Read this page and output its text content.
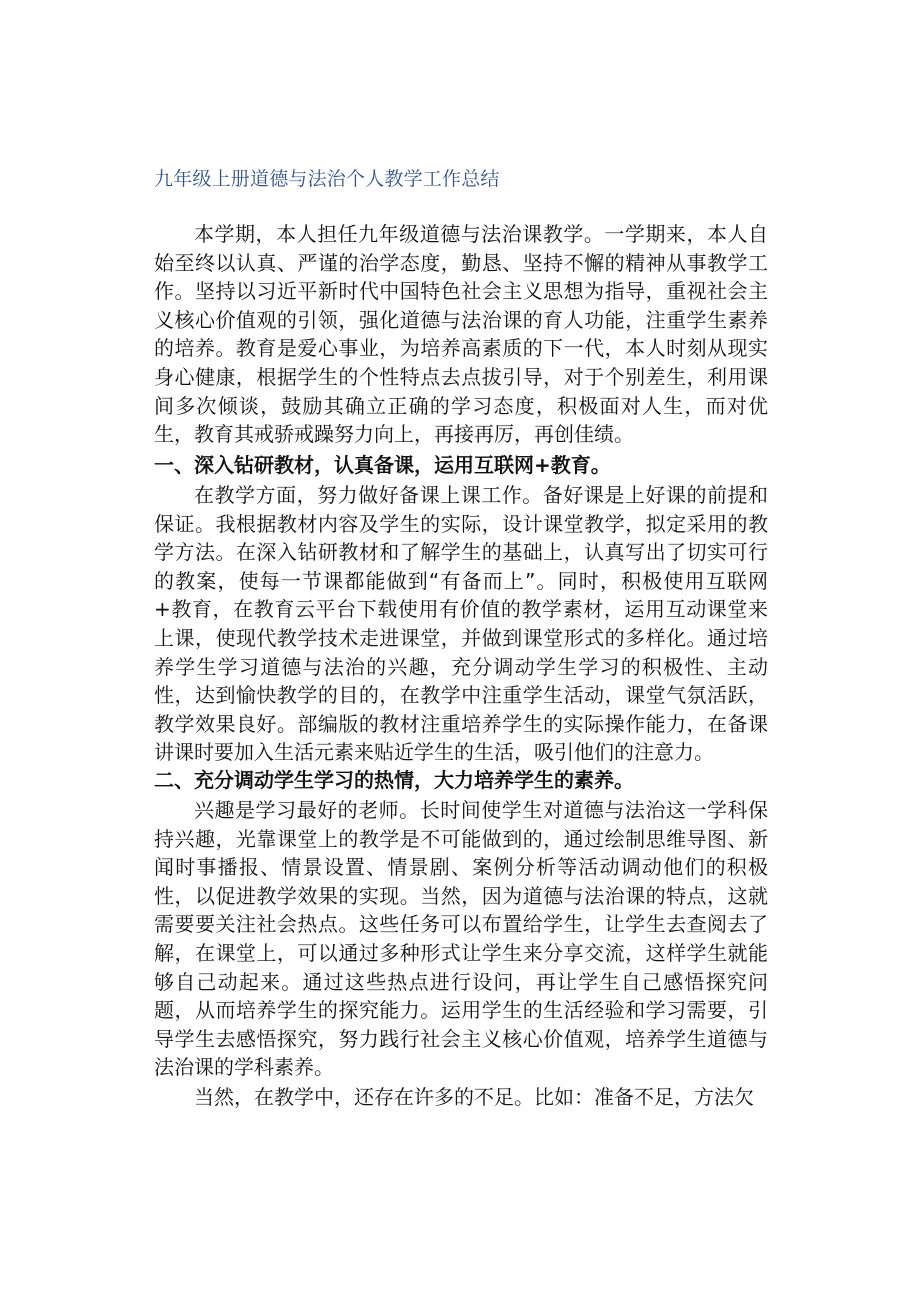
九年级上册道德与法治个人教学工作总结

本学期，本人担任九年级道德与法治课教学。一学期来，本人自始至终以认真、严谨的治学态度，勤恳、坚持不懈的精神从事教学工作。坚持以习近平新时代中国特色社会主义思想为指导，重视社会主义核心价值观的引领，强化道德与法治课的育人功能，注重学生素养的培养。教育是爱心事业，为培养高素质的下一代，本人时刻从现实身心健康，根据学生的个性特点去点拔引导，对于个别差生，利用课间多次倾谈，鼓励其确立正确的学习态度，积极面对人生，而对优生，教育其戒骄戒躁努力向上，再接再厉，再创佳绩。

一、深入钻研教材，认真备课，运用互联网+教育。

在教学方面，努力做好备课上课工作。备好课是上好课的前提和保证。我根据教材内容及学生的实际，设计课堂教学，拟定采用的教学方法。在深入钻研教材和了解学生的基础上，认真写出了切实可行的教案，使每一节课都能做到“有备而上”。同时，积极使用互联网+教育，在教育云平台下载使用有价值的教学素材，运用互动课堂来上课，使现代教学技术走进课堂，并做到课堂形式的多样化。通过培养学生学习道德与法治的兴趣，充分调动学生学习的积极性、主动性，达到愉快教学的目的，在教学中注重学生活动，课堂气氛活跃，教学效果良好。部编版的教材注重培养学生的实际操作能力，在备课讲课时要加入生活元素来贴近学生的生活，吸引他们的注意力。

二、充分调动学生学习的热情，大力培养学生的素养。

兴趣是学习最好的老师。长时间使学生对道德与法治这一学科保持兴趣，光靠课堂上的教学是不可能做到的，通过绘制思维导图、新闻时事播报、情景设置、情景剧、案例分析等活动调动他们的积极性，以促进教学效果的实现。当然，因为道德与法治课的特点，这就需要要关注社会热点。这些任务可以布置给学生，让学生去查阅去了解，在课堂上，可以通过多种形式让学生来分享交流，这样学生就能够自己动起来。通过这些热点进行设问，再让学生自己感悟探究问题，从而培养学生的探究能力。运用学生的生活经验和学习需要，引导学生去感悟探究，努力践行社会主义核心价值观，培养学生道德与法治课的学科素养。

当然，在教学中，还存在许多的不足。比如：准备不足，方法欠
